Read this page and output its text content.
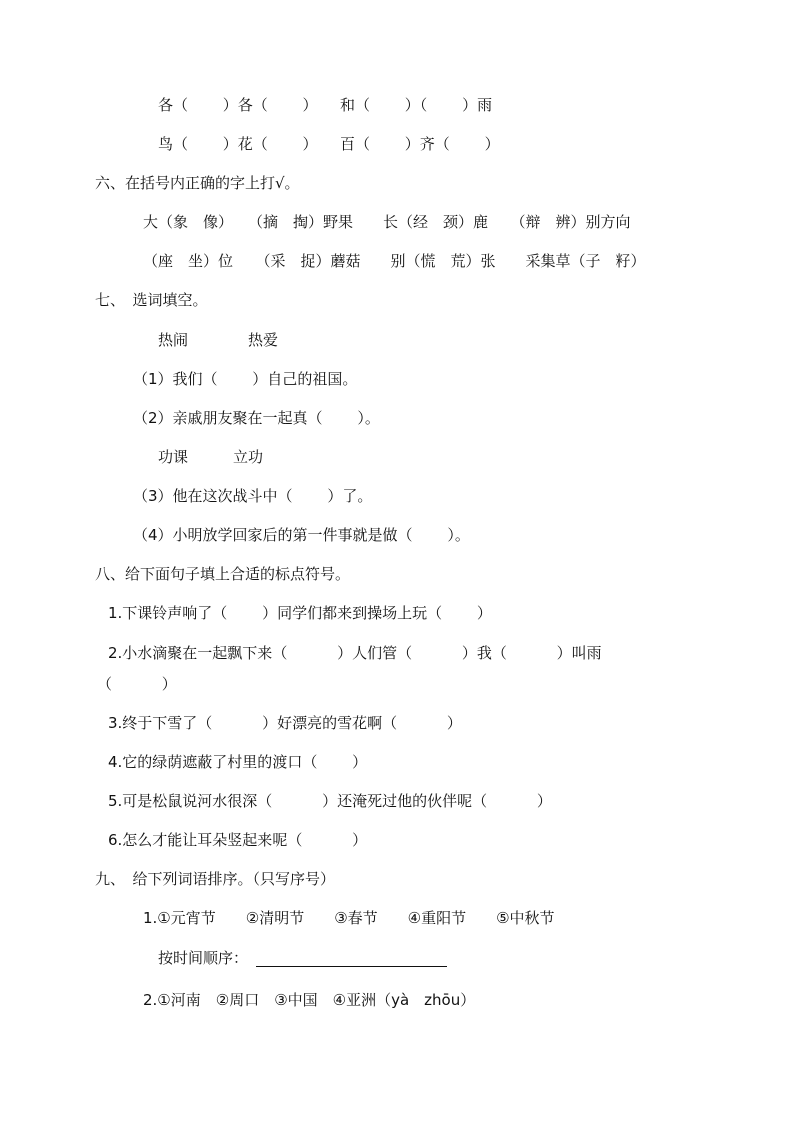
各（　　 ）各（　　 ）　　和（　　 ）（　　 ）雨
鸟（　　 ）花（　　 ）　　百（　　 ）齐（　　 ）
六、在括号内正确的字上打√。
大（象　像）　　（摘　掏）野果　　长（经　颈）鹿　　（辩　辨）别方向
（座　坐）位　　（采　捉）蘑菇　　别（慌　荒）张　　采集草（子　籽）
七、　选词填空。
热闹　　　　热爱
（1）我们（　　 ）自己的祖国。
（2）亲戚朋友聚在一起真（　　 ）。
功课　　　立功
（3）他在这次战斗中（　　 ）了。
（4）小明放学回家后的第一件事就是做（　　 ）。
八、给下面句子填上合适的标点符号。
1.下课铃声响了（　　 ）同学们都来到操场上玩（　　 ）
2.小水滴聚在一起飘下来（　　　 ）人们管（　　　 ）我（　　　 ）叫雨
（　　　 ）
3.终于下雪了（　　　 ）好漂亮的雪花啊（　　　 ）
4.它的绿荫遮蔽了村里的渡口（　　 ）
5.可是松鼠说河水很深（　　　 ）还淹死过他的伙伴呢（　　　 ）
6.怎么才能让耳朵竖起来呢（　　　 ）
九、　给下列词语排序。（只写序号）
1.①元宵节　　②清明节　　③春节　　④重阳节　　⑤中秋节
按时间顺序：
2.①河南　②周口　③中国　④亚洲（yà　zhōu）
